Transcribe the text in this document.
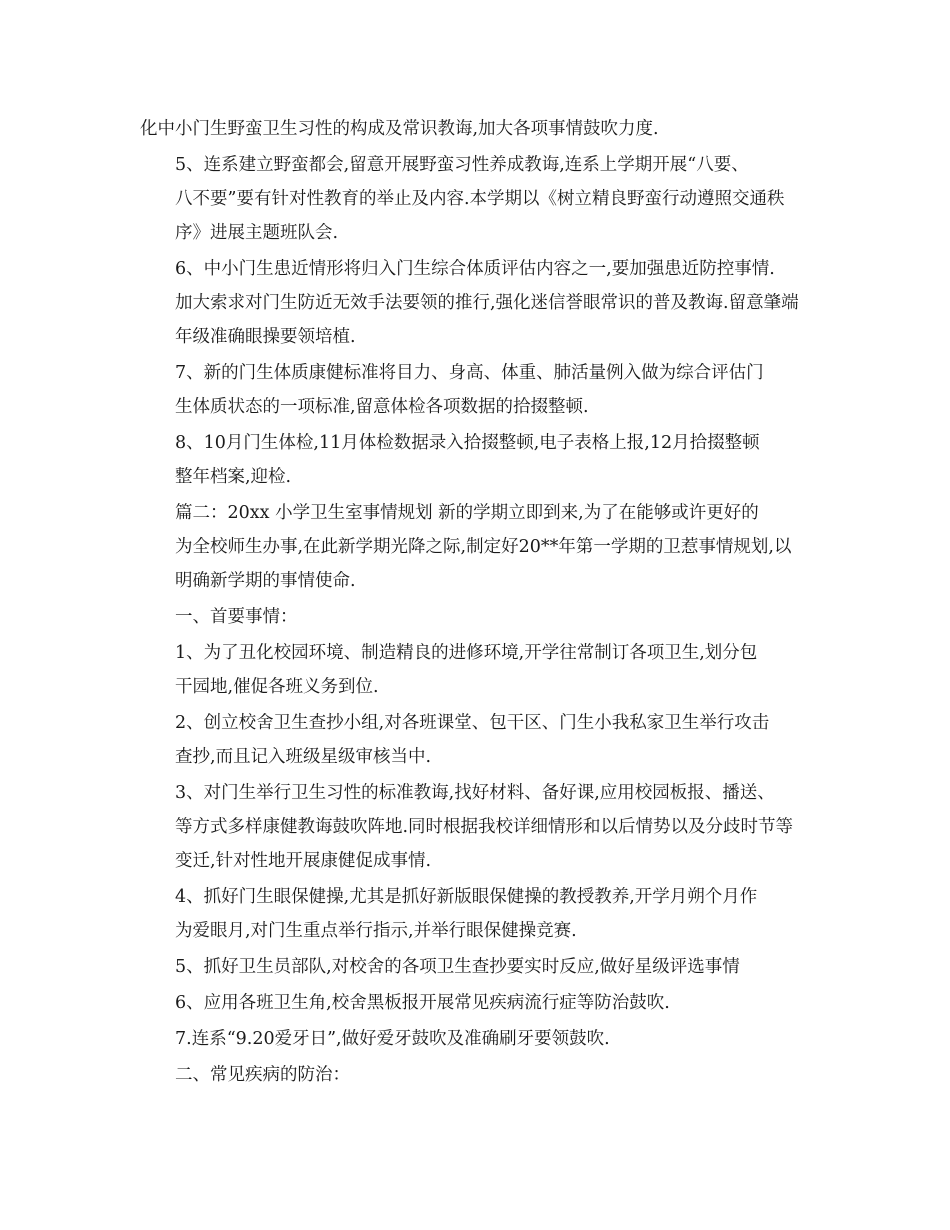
化中小门生野蛮卫生习性的构成及常识教诲,加大各项事情鼓吹力度.
5、连系建立野蛮都会,留意开展野蛮习性养成教诲,连系上学期开展“八要、
八不要”要有针对性教育的举止及内容.本学期以《树立精良野蛮行动遵照交通秩
序》进展主题班队会.
6、中小门生患近情形将归入门生综合体质评估内容之一,要加强患近防控事情.
加大索求对门生防近无效手法要领的推行,强化迷信誉眼常识的普及教诲.留意肇端
年级准确眼操要领培植.
7、新的门生体质康健标准将目力、身高、体重、肺活量例入做为综合评估门
生体质状态的一项标准,留意体检各项数据的拾掇整顿.
8、10月门生体检,11月体检数据录入拾掇整顿,电子表格上报,12月拾掇整顿
整年档案,迎检.
篇二：20xx 小学卫生室事情规划 新的学期立即到来,为了在能够或许更好的
为全校师生办事,在此新学期光降之际,制定好20**年第一学期的卫惹事情规划,以
明确新学期的事情使命.
一、首要事情：
1、为了丑化校园环境、制造精良的进修环境,开学往常制订各项卫生,划分包
干园地,催促各班义务到位.
2、创立校舍卫生查抄小组,对各班课堂、包干区、门生小我私家卫生举行攻击
查抄,而且记入班级星级审核当中.
3、对门生举行卫生习性的标准教诲,找好材料、备好课,应用校园板报、播送、
等方式多样康健教诲鼓吹阵地.同时根据我校详细情形和以后情势以及分歧时节等
变迁,针对性地开展康健促成事情.
4、抓好门生眼保健操,尤其是抓好新版眼保健操的教授教养,开学月朔个月作
为爱眼月,对门生重点举行指示,并举行眼保健操竞赛.
5、抓好卫生员部队,对校舍的各项卫生查抄要实时反应,做好星级评选事情
6、应用各班卫生角,校舍黑板报开展常见疾病流行症等防治鼓吹.
7.连系“9.20爱牙日”,做好爱牙鼓吹及准确刷牙要领鼓吹.
二、常见疾病的防治：
